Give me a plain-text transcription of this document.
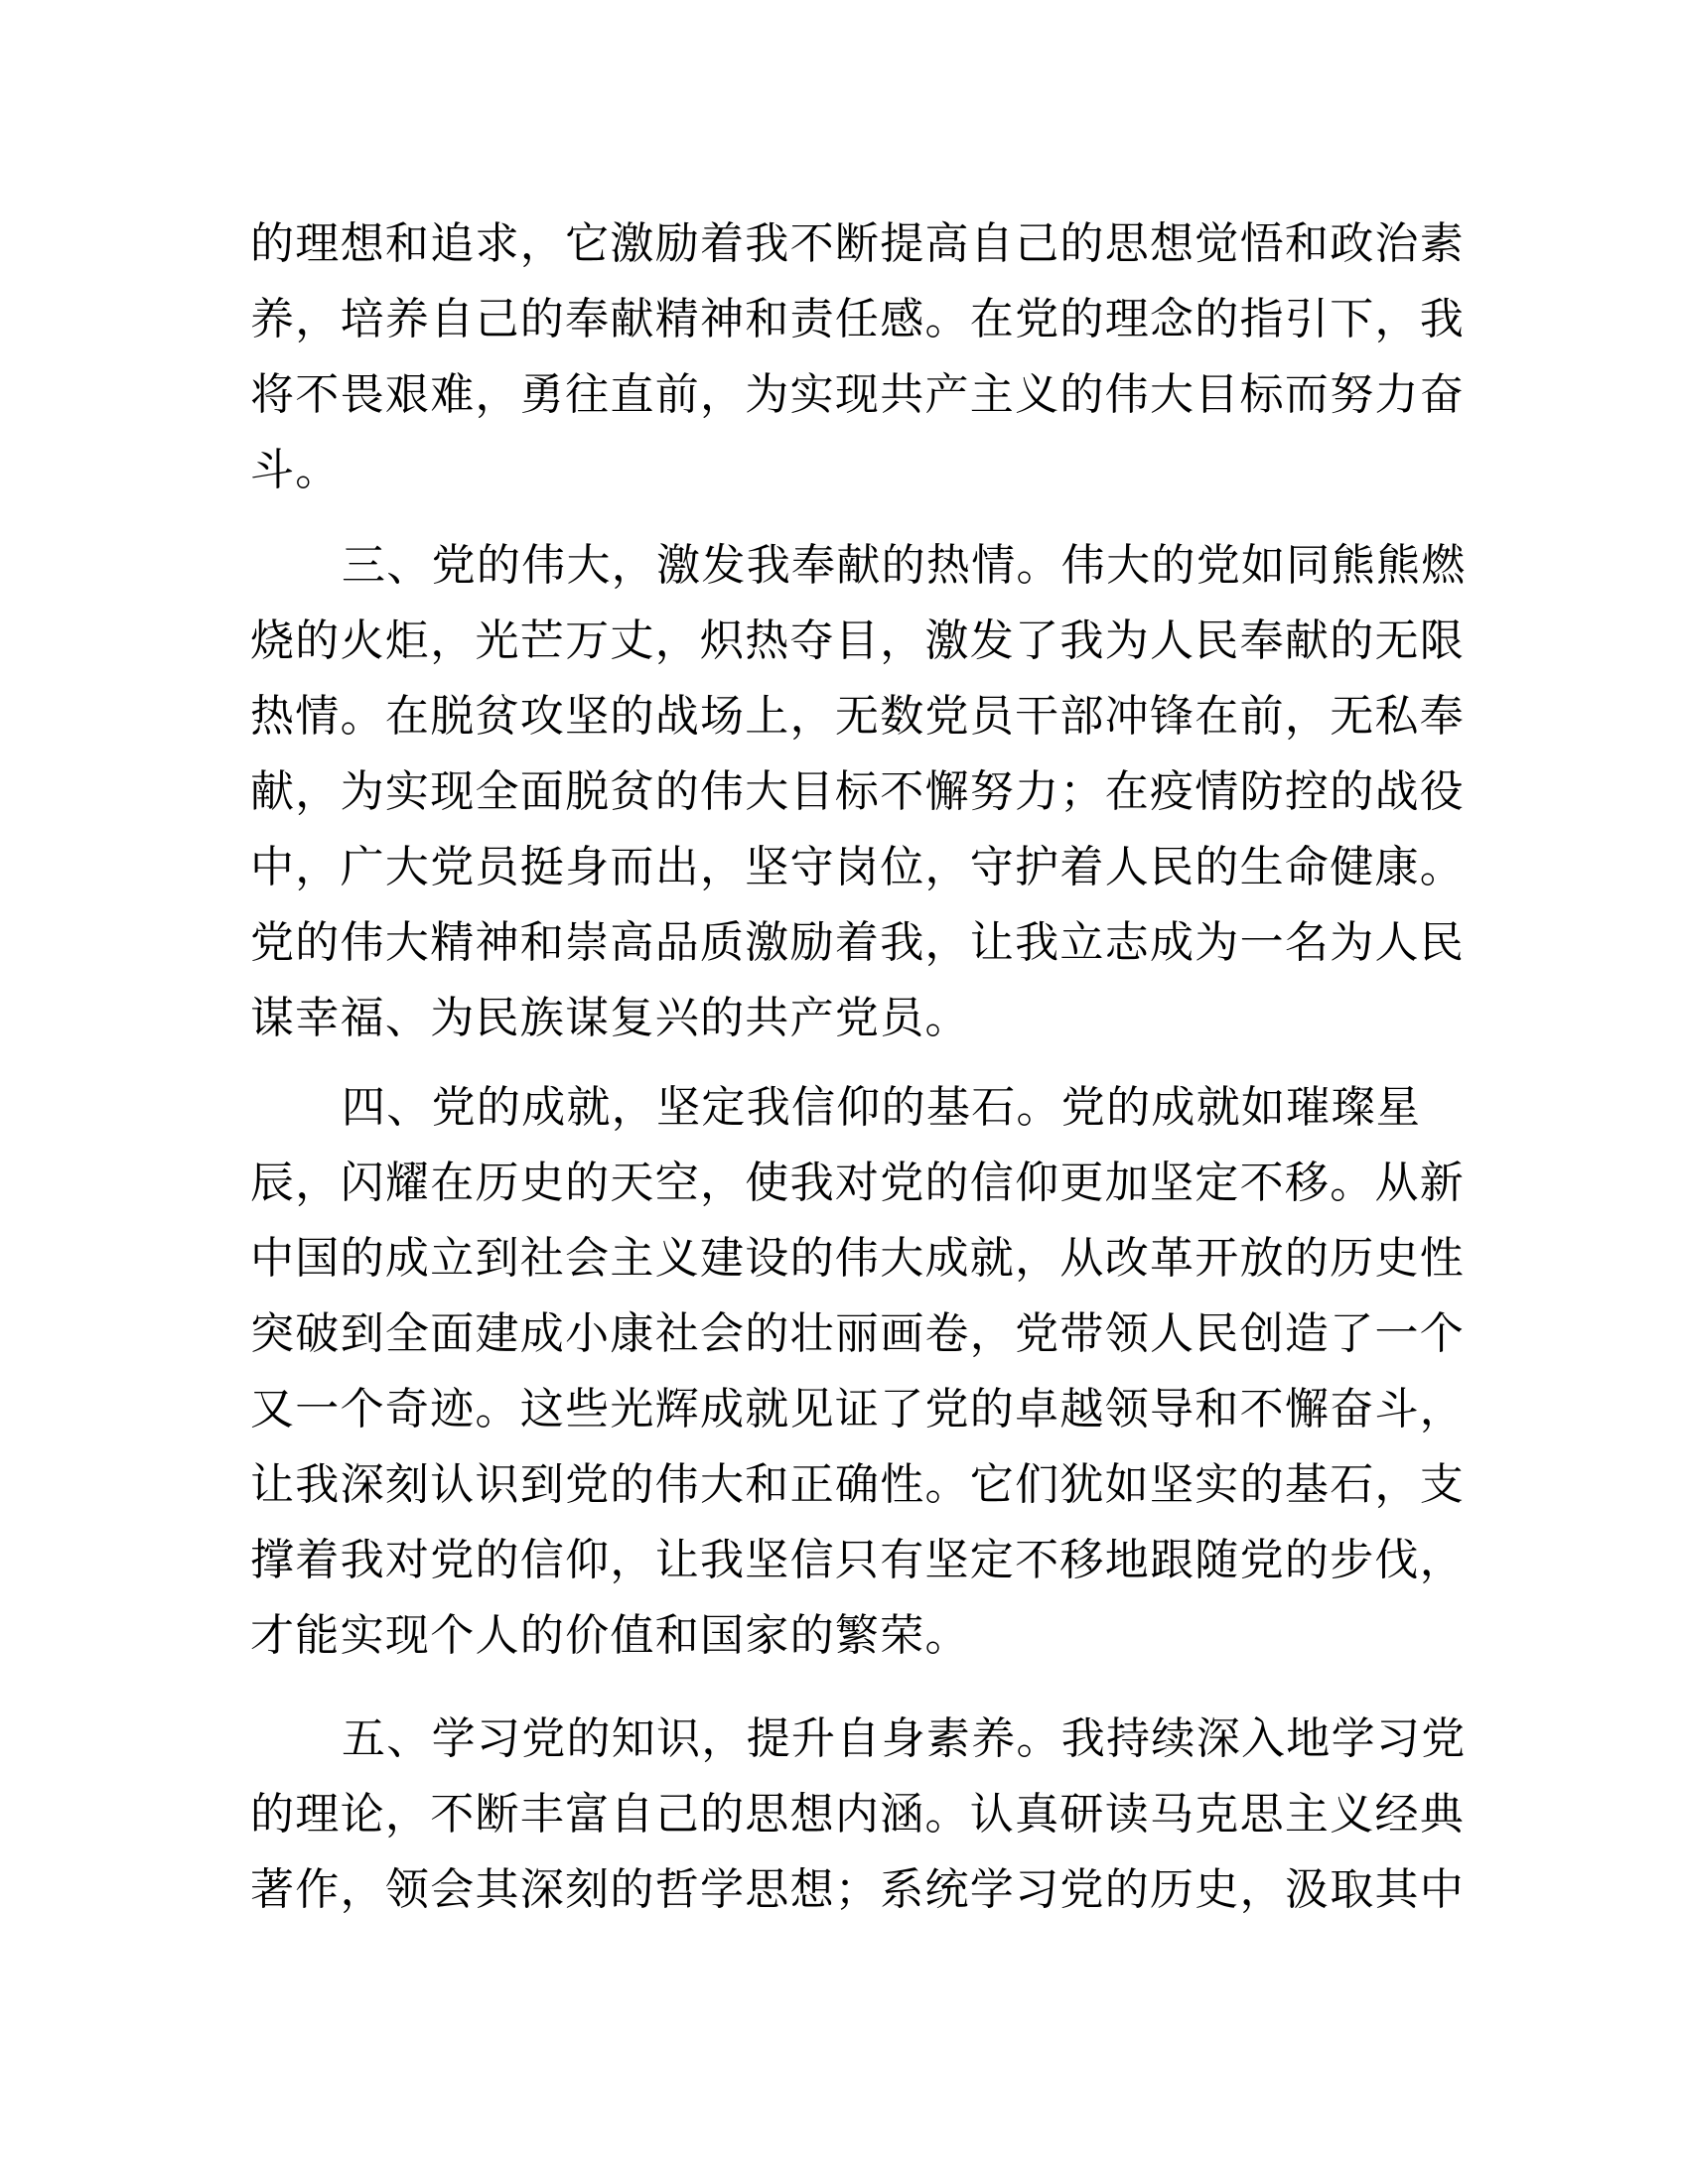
的理想和追求，它激励着我不断提高自己的思想觉悟和政治素
养，培养自己的奉献精神和责任感。在党的理念的指引下，我
将不畏艰难，勇往直前，为实现共产主义的伟大目标而努力奋
斗。
三、党的伟大，激发我奉献的热情。伟大的党如同熊熊燃
烧的火炬，光芒万丈，炽热夺目，激发了我为人民奉献的无限
热情。在脱贫攻坚的战场上，无数党员干部冲锋在前，无私奉
献，为实现全面脱贫的伟大目标不懈努力；在疫情防控的战役
中，广大党员挺身而出，坚守岗位，守护着人民的生命健康。
党的伟大精神和崇高品质激励着我，让我立志成为一名为人民
谋幸福、为民族谋复兴的共产党员。
四、党的成就，坚定我信仰的基石。党的成就如璀璨星
辰，闪耀在历史的天空，使我对党的信仰更加坚定不移。从新
中国的成立到社会主义建设的伟大成就，从改革开放的历史性
突破到全面建成小康社会的壮丽画卷，党带领人民创造了一个
又一个奇迹。这些光辉成就见证了党的卓越领导和不懈奋斗，
让我深刻认识到党的伟大和正确性。它们犹如坚实的基石，支
撑着我对党的信仰，让我坚信只有坚定不移地跟随党的步伐，
才能实现个人的价值和国家的繁荣。
五、学习党的知识，提升自身素养。我持续深入地学习党
的理论，不断丰富自己的思想内涵。认真研读马克思主义经典
著作，领会其深刻的哲学思想；系统学习党的历史，汲取其中
